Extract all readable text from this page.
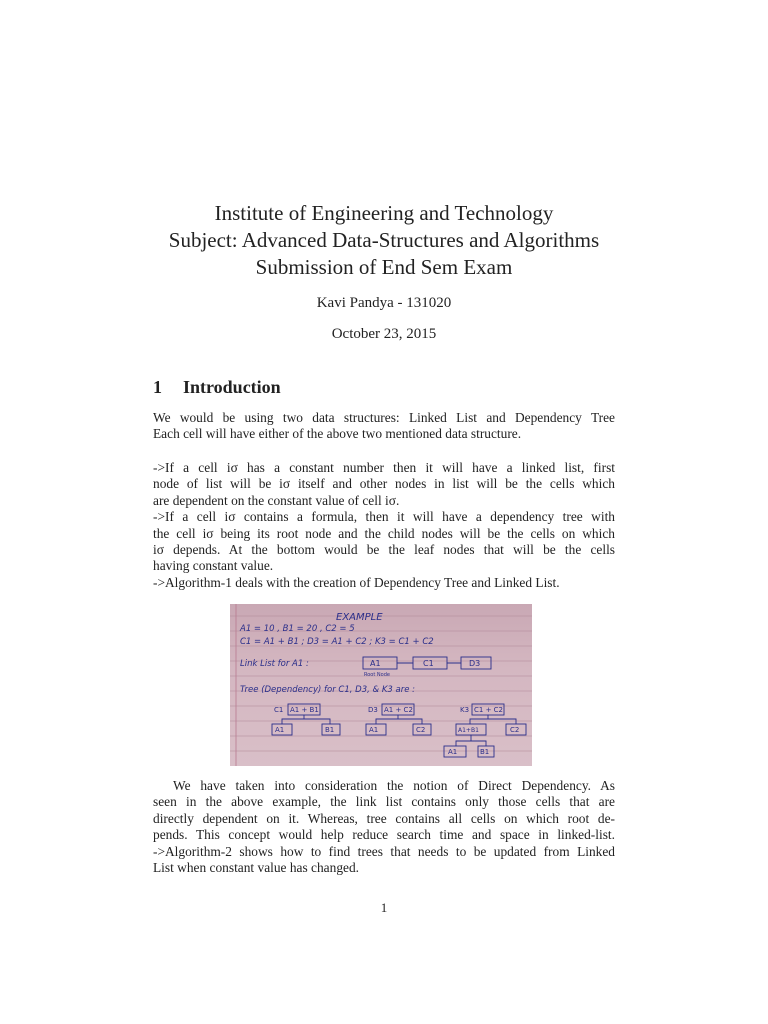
Institute of Engineering and Technology
Subject: Advanced Data-Structures and Algorithms
Submission of End Sem Exam
Kavi Pandya - 131020
October 23, 2015
1 Introduction
We would be using two data structures: Linked List and Dependency Tree
Each cell will have either of the above two mentioned data structure.
->If a cell iσ has a constant number then it will have a linked list, first
node of list will be iσ itself and other nodes in list will be the cells which
are dependent on the constant value of cell iσ.
->If a cell iσ contains a formula, then it will have a dependency tree with
the cell iσ being its root node and the child nodes will be the cells on which
iσ depends. At the bottom would be the leaf nodes that will be the cells
having constant value.
->Algorithm-1 deals with the creation of Dependency Tree and Linked List.
EXAMPLE
A1 = 10 , B1 = 20 , C2 = 5
C1 = A1 + B1 ; D3 = A1 + C2 ; K3 = C1 + C2
Link List for A1 :
Tree (Dependency) for C1, D3, & K3 are :
A1	C1	D3
Root Node
C1 A1 + B1
A1	B1
D3 A1 + C2
A1	C2
K3 C1 + C2
A1+B1	C2
A1	B1
We have taken into consideration the notion of Direct Dependency. As
seen in the above example, the link list contains only those cells that are
directly dependent on it. Whereas, tree contains all cells on which root de-
pends. This concept would help reduce search time and space in linked-list.
->Algorithm-2 shows how to find trees that needs to be updated from Linked
List when constant value has changed.
1
